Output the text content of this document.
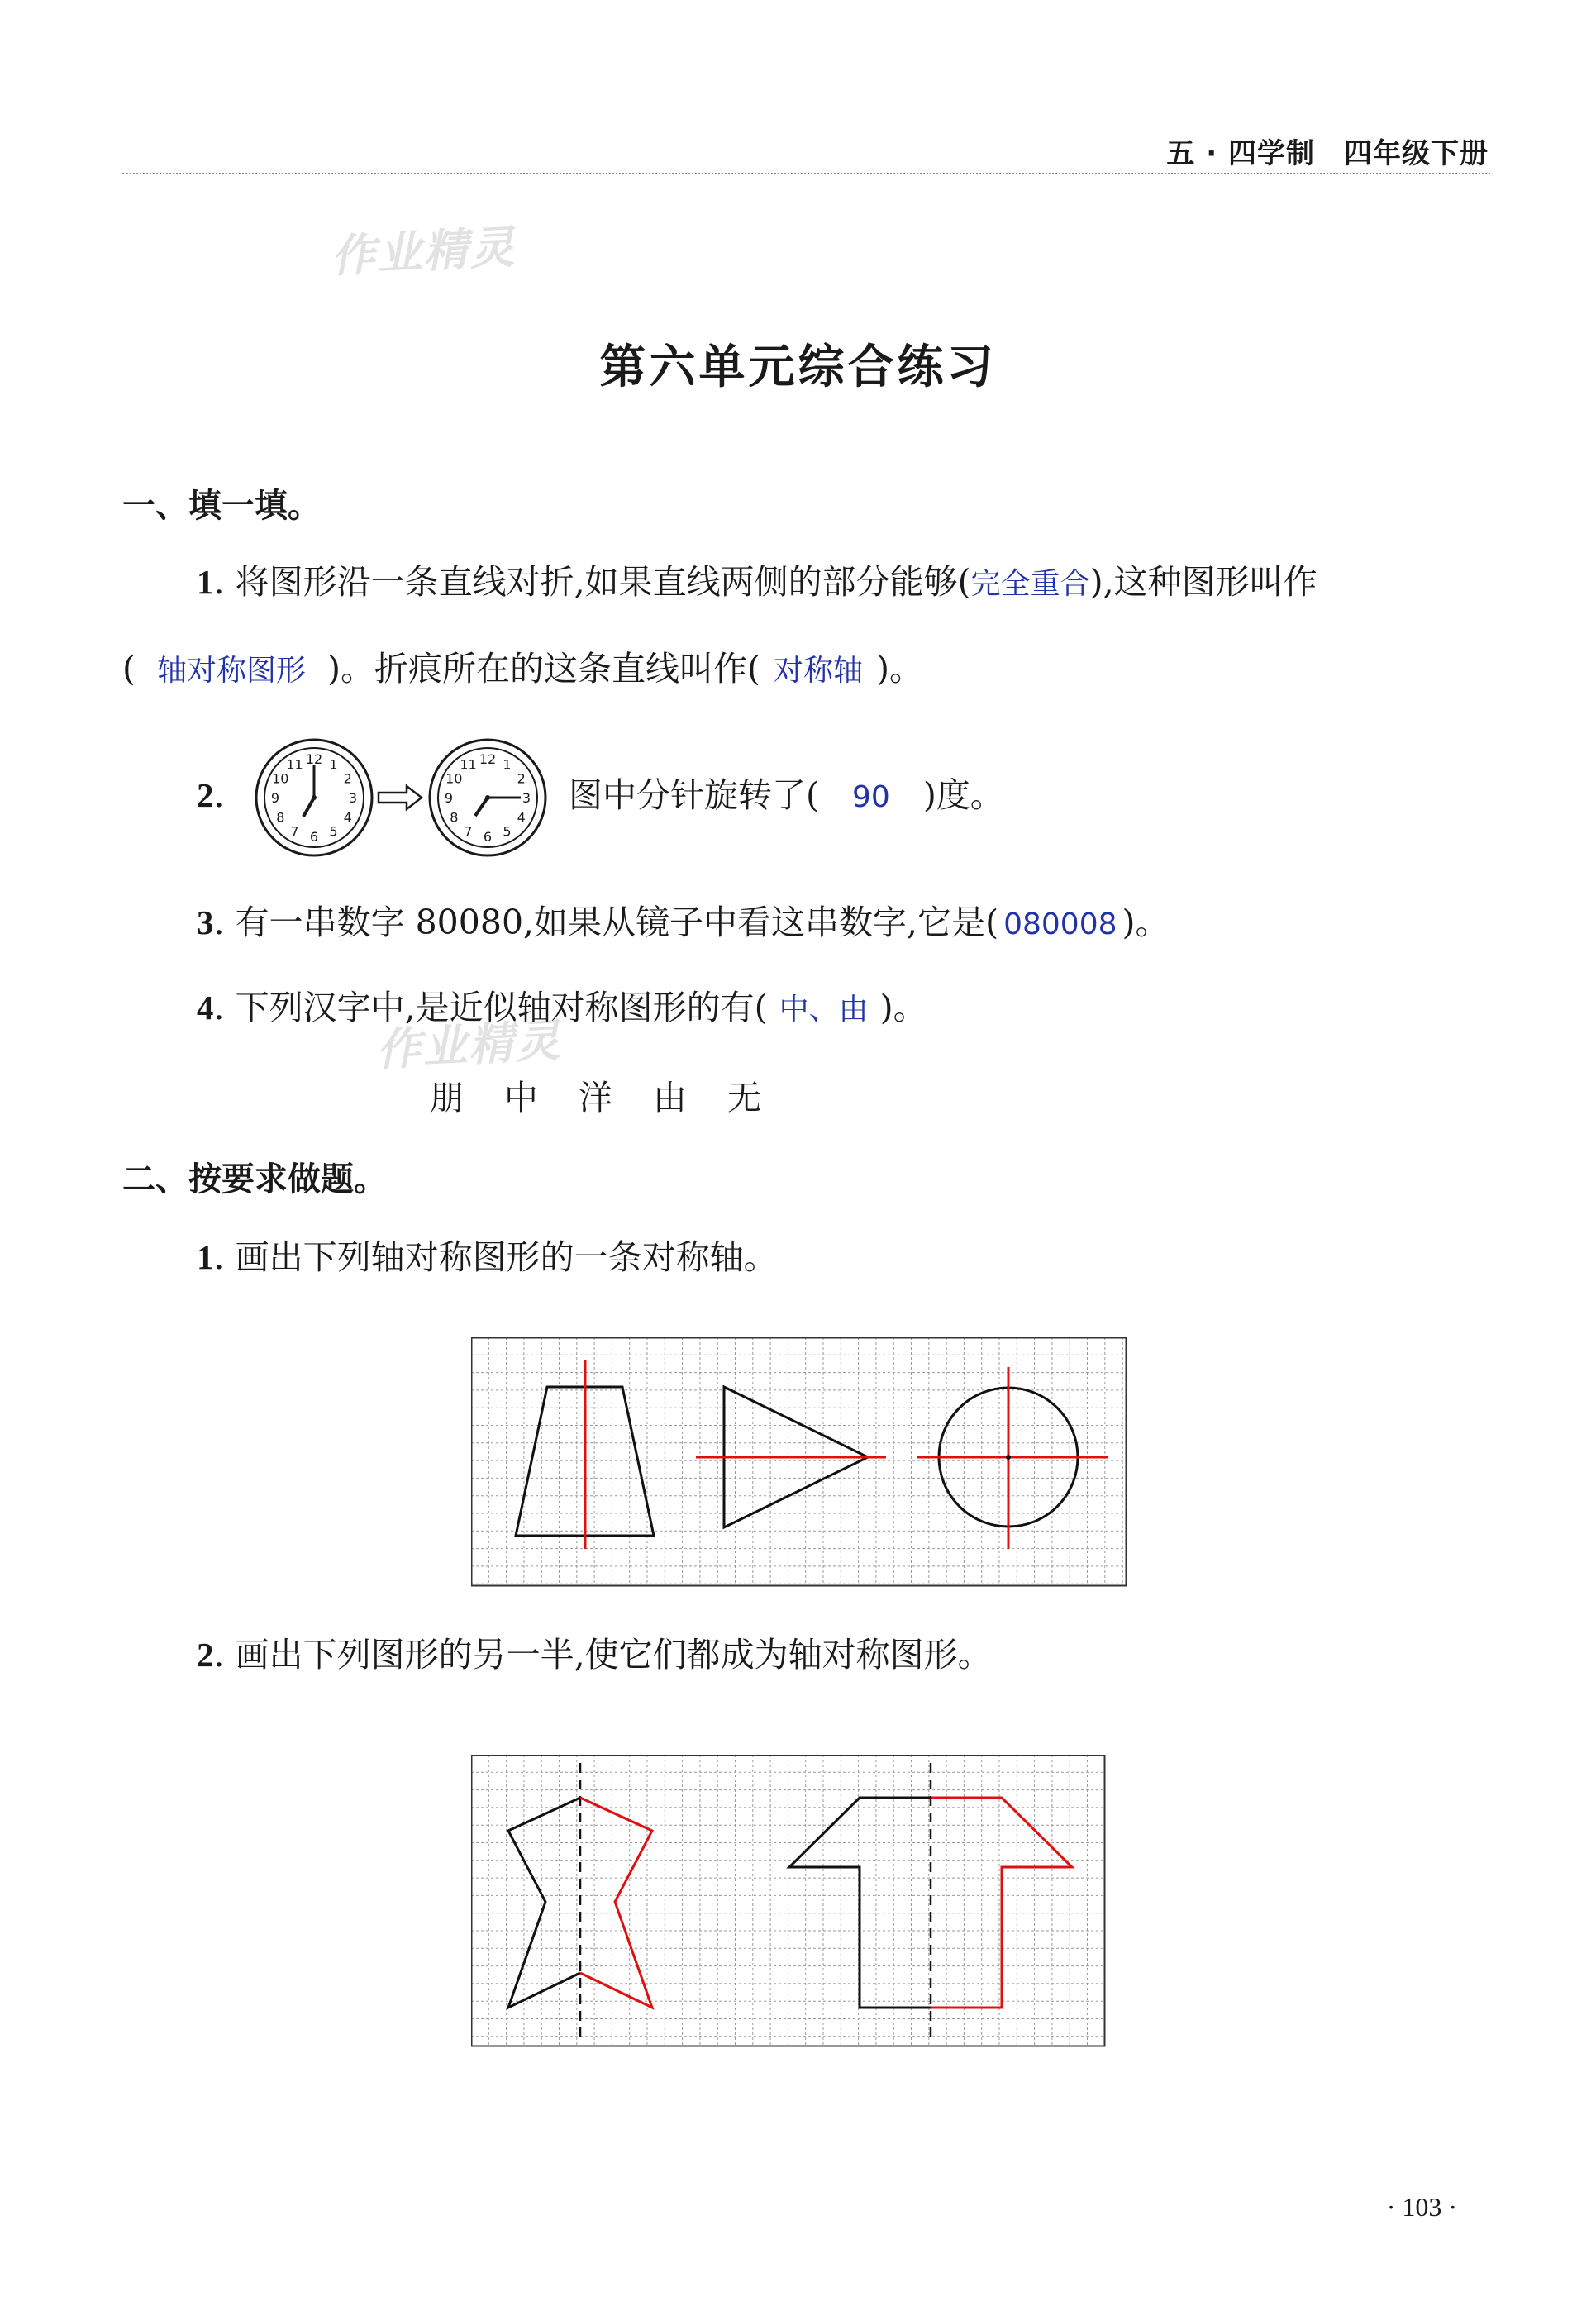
五 · 四学制　四年级下册
作业精灵
作业精灵
第六单元综合练习
一、填一填。
1. 将图形沿一条直线对折,如果直线两侧的部分能够(完全重合),这种图形叫作
( 轴对称图形 )。折痕所在的这条直线叫作( 对称轴 )。
2.
12 1
2
3
4
5
6
7
8
9
10
11	12 1
2
3
4
5
6
7
8
9
10
11
图中分针旋转了( 90 )度。
3. 有一串数字 80080,如果从镜子中看这串数字,它是( 080008 )。
4. 下列汉字中,是近似轴对称图形的有( 中、由 )。
朋 中 洋 由 无
二、按要求做题。
1. 画出下列轴对称图形的一条对称轴。
2. 画出下列图形的另一半,使它们都成为轴对称图形。
· 103 ·
